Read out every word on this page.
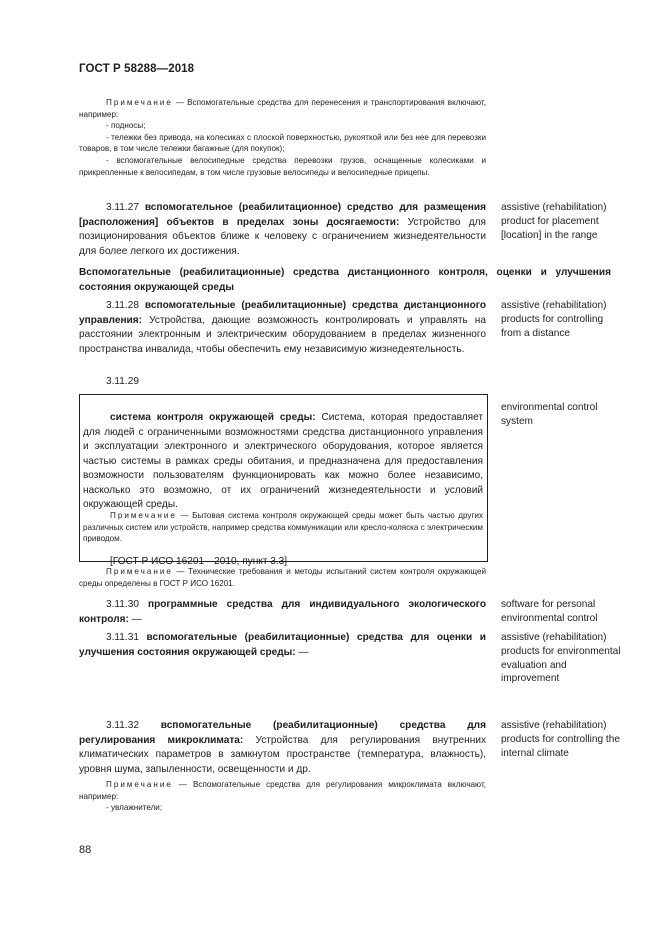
ГОСТ Р 58288—2018

Примечание — Вспомогательные средства для перенесения и транспортирования включают, например:

- подносы;

- тележки без привода, на колесиках с плоской поверхностью, рукояткой или без нее для перевозки товаров, в том числе тележки багажные (для покупок);

- вспомогательные велосипедные средства перевозки грузов, оснащенные колесиками и прикрепленные к велосипедам, в том числе грузовые велосипеды и велосипедные прицепы.

3.11.27 вспомогательное (реабилитационное) средство для размещения [расположения] объектов в пределах зоны досягаемости: Устройство для позиционирования объектов ближе к человеку с ограничением жизнедеятельности для более легкого их достижения.

assistive (rehabilitation) product for placement [location] in the range
Вспомогательные (реабилитационные) средства дистанционного контроля, оценки и улучшения состояния окружающей среды

3.11.28 вспомогательные (реабилитационные) средства дистанционного управления: Устройства, дающие возможность контролировать и управлять на расстоянии электронным и электрическим оборудованием в пределах жизненного пространства инвалида, чтобы обеспечить ему независимую жизнедеятельность.

assistive (rehabilitation) products for controlling from a distance

3.11.29

система контроля окружающей среды: Система, которая предоставляет для людей с ограниченными возможностями средства дистанционного управления и эксплуатации электронного и электрического оборудования, которое является частью системы в рамках среды обитания, и предназначена для предоставления возможности пользователям функционировать как можно более независимо, насколько это возможно, от их ограничений жизнедеятельности и условий окружающей среды.

Примечание — Бытовая система контроля окружающей среды может быть частью других различных систем или устройств, например средства коммуникации или кресло-коляска с электрическим приводом.

[ГОСТ Р ИСО 16201—2010, пункт 3.3]

environmental control system

Примечание — Технические требования и методы испытаний систем контроля окружающей среды определены в ГОСТ Р ИСО 16201.

3.11.30 программные средства для индивидуального экологического контроля: —

software for personal environmental control

3.11.31 вспомогательные (реабилитационные) средства для оценки и улучшения состояния окружающей среды: —

assistive (rehabilitation) products for environmental evaluation and improvement

3.11.32 вспомогательные (реабилитационные) средства для регулирования микроклимата: Устройства для регулирования внутренних климатических параметров в замкнутом пространстве (температура, влажность), уровня шума, запыленности, освещенности и др.

assistive (rehabilitation) products for controlling the internal climate

Примечание — Вспомогательные средства для регулирования микроклимата включают, например:

- увлажнители;

88
